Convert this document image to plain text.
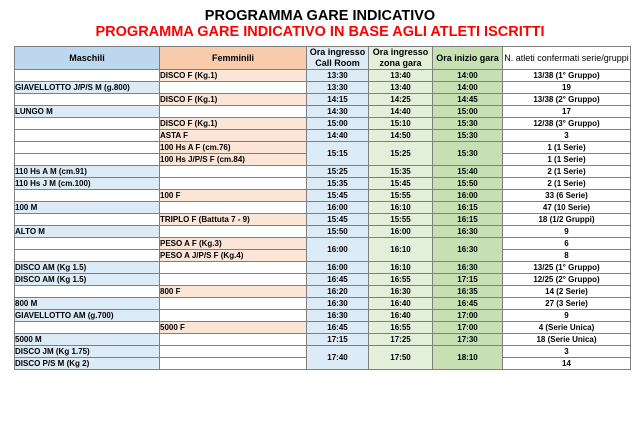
PROGRAMMA GARE INDICATIVO
PROGRAMMA GARE INDICATIVO IN BASE AGLI ATLETI ISCRITTI
Maschili	Femminili	Ora ingresso Call Room	Ora ingresso zona gara	Ora inizio gara	N. atleti confermati serie/gruppi
	DISCO F (Kg.1)	13:30	13:40	14:00	13/38 (1° Gruppo)
GIAVELLOTTO J/P/S M (g.800)		13:30	13:40	14:00	19
	DISCO F (Kg.1)	14:15	14:25	14:45	13/38 (2° Gruppo)
LUNGO M		14:30	14:40	15:00	17
	DISCO F (Kg.1)	15:00	15:10	15:30	12/38 (3° Gruppo)
	ASTA F	14:40	14:50	15:30	3
	100 Hs A F (cm.76)	15:15	15:25	15:30	1 (1 Serie)
	100 Hs J/P/S F (cm.84)				1 (1 Serie)
110 Hs A M (cm.91)		15:25	15:35	15:40	2 (1 Serie)
110 Hs J M (cm.100)		15:35	15:45	15:50	2 (1 Serie)
	100 F	15:45	15:55	16:00	33 (6 Serie)
100 M		16:00	16:10	16:15	47 (10 Serie)
	TRIPLO F (Battuta 7 - 9)	15:45	15:55	16:15	18 (1/2 Gruppi)
ALTO M		15:50	16:00	16:30	9
	PESO A F (Kg.3)	16:00	16:10	16:30	6
	PESO A J/P/S F (Kg.4)				8
DISCO AM (Kg 1.5)		16:00	16:10	16:30	13/25 (1° Gruppo)
DISCO AM (Kg 1.5)		16:45	16:55	17:15	12/25 (2° Gruppo)
	800 F	16:20	16:30	16:35	14 (2 Serie)
800 M		16:30	16:40	16:45	27 (3 Serie)
GIAVELLOTTO AM (g.700)		16:30	16:40	17:00	9
	5000 F	16:45	16:55	17:00	4 (Serie Unica)
5000 M		17:15	17:25	17:30	18 (Serie Unica)
DISCO JM (Kg 1.75)		17:40	17:50	18:10	3
DISCO P/S M (Kg 2)					14
